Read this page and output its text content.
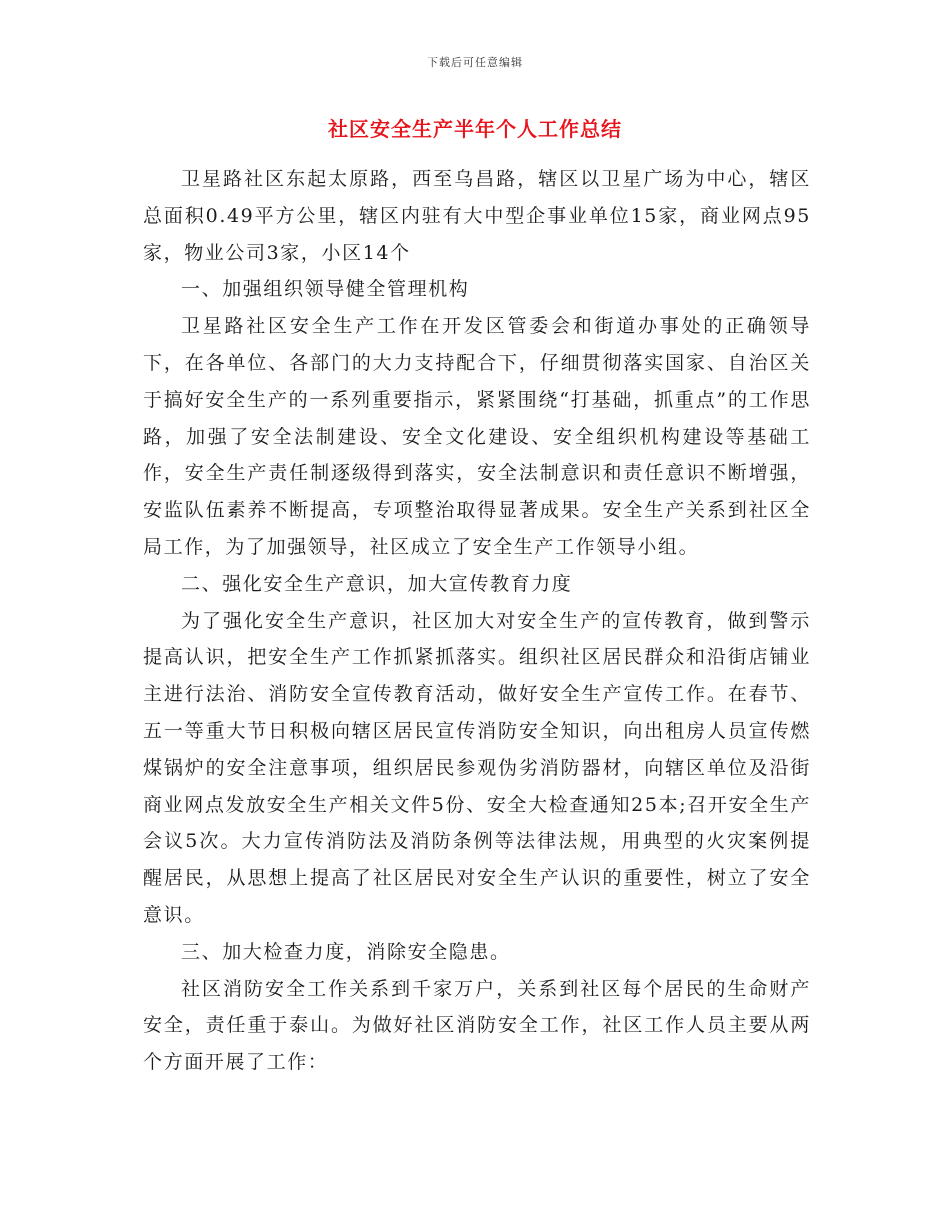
下载后可任意编辑
社区安全生产半年个人工作总结

卫星路社区东起太原路，西至乌昌路，辖区以卫星广场为中心，辖区总面积0.49平方公里，辖区内驻有大中型企事业单位15家，商业网点95家，物业公司3家，小区14个

一、加强组织领导健全管理机构

卫星路社区安全生产工作在开发区管委会和街道办事处的正确领导下，在各单位、各部门的大力支持配合下，仔细贯彻落实国家、自治区关于搞好安全生产的一系列重要指示，紧紧围绕“打基础，抓重点”的工作思路，加强了安全法制建设、安全文化建设、安全组织机构建设等基础工作，安全生产责任制逐级得到落实，安全法制意识和责任意识不断增强，安监队伍素养不断提高，专项整治取得显著成果。安全生产关系到社区全局工作，为了加强领导，社区成立了安全生产工作领导小组。

二、强化安全生产意识，加大宣传教育力度

为了强化安全生产意识，社区加大对安全生产的宣传教育，做到警示提高认识，把安全生产工作抓紧抓落实。组织社区居民群众和沿街店铺业主进行法治、消防安全宣传教育活动，做好安全生产宣传工作。在春节、五一等重大节日积极向辖区居民宣传消防安全知识，向出租房人员宣传燃煤锅炉的安全注意事项，组织居民参观伪劣消防器材，向辖区单位及沿街商业网点发放安全生产相关文件5份、安全大检查通知25本;召开安全生产会议5次。大力宣传消防法及消防条例等法律法规，用典型的火灾案例提醒居民，从思想上提高了社区居民对安全生产认识的重要性，树立了安全意识。

三、加大检查力度，消除安全隐患。

社区消防安全工作关系到千家万户，关系到社区每个居民的生命财产安全，责任重于泰山。为做好社区消防安全工作，社区工作人员主要从两个方面开展了工作：
